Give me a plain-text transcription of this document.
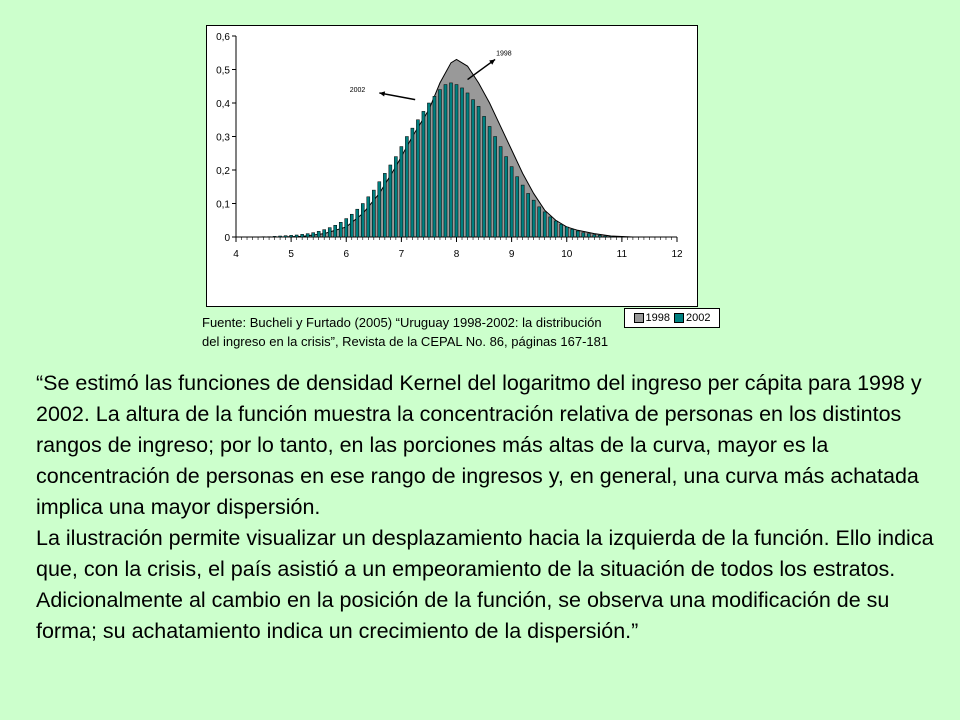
0
0,1
0,2
0,3
0,4
0,5
0,6
4	5	6	7	8	9	10	11	12
1998
2002
1998 2002
Fuente: Bucheli y Furtado (2005) “Uruguay 1998-2002: la distribución
del ingreso en la crisis”, Revista de la CEPAL No. 86, páginas 167-181

“Se estimó las funciones de densidad Kernel del logaritmo del ingreso per cápita para 1998 y 2002. La altura de la función muestra la concentración relativa de personas en los distintos rangos de ingreso; por lo tanto, en las porciones más altas de la curva, mayor es la concentración de personas en ese rango de ingresos y, en general, una curva más achatada implica una mayor dispersión.

La ilustración permite visualizar un desplazamiento hacia la izquierda de la función. Ello indica que, con la crisis, el país asistió a un empeoramiento de la situación de todos los estratos. Adicionalmente al cambio en la posición de la función, se observa una modificación de su forma; su achatamiento indica un crecimiento de la dispersión.”
